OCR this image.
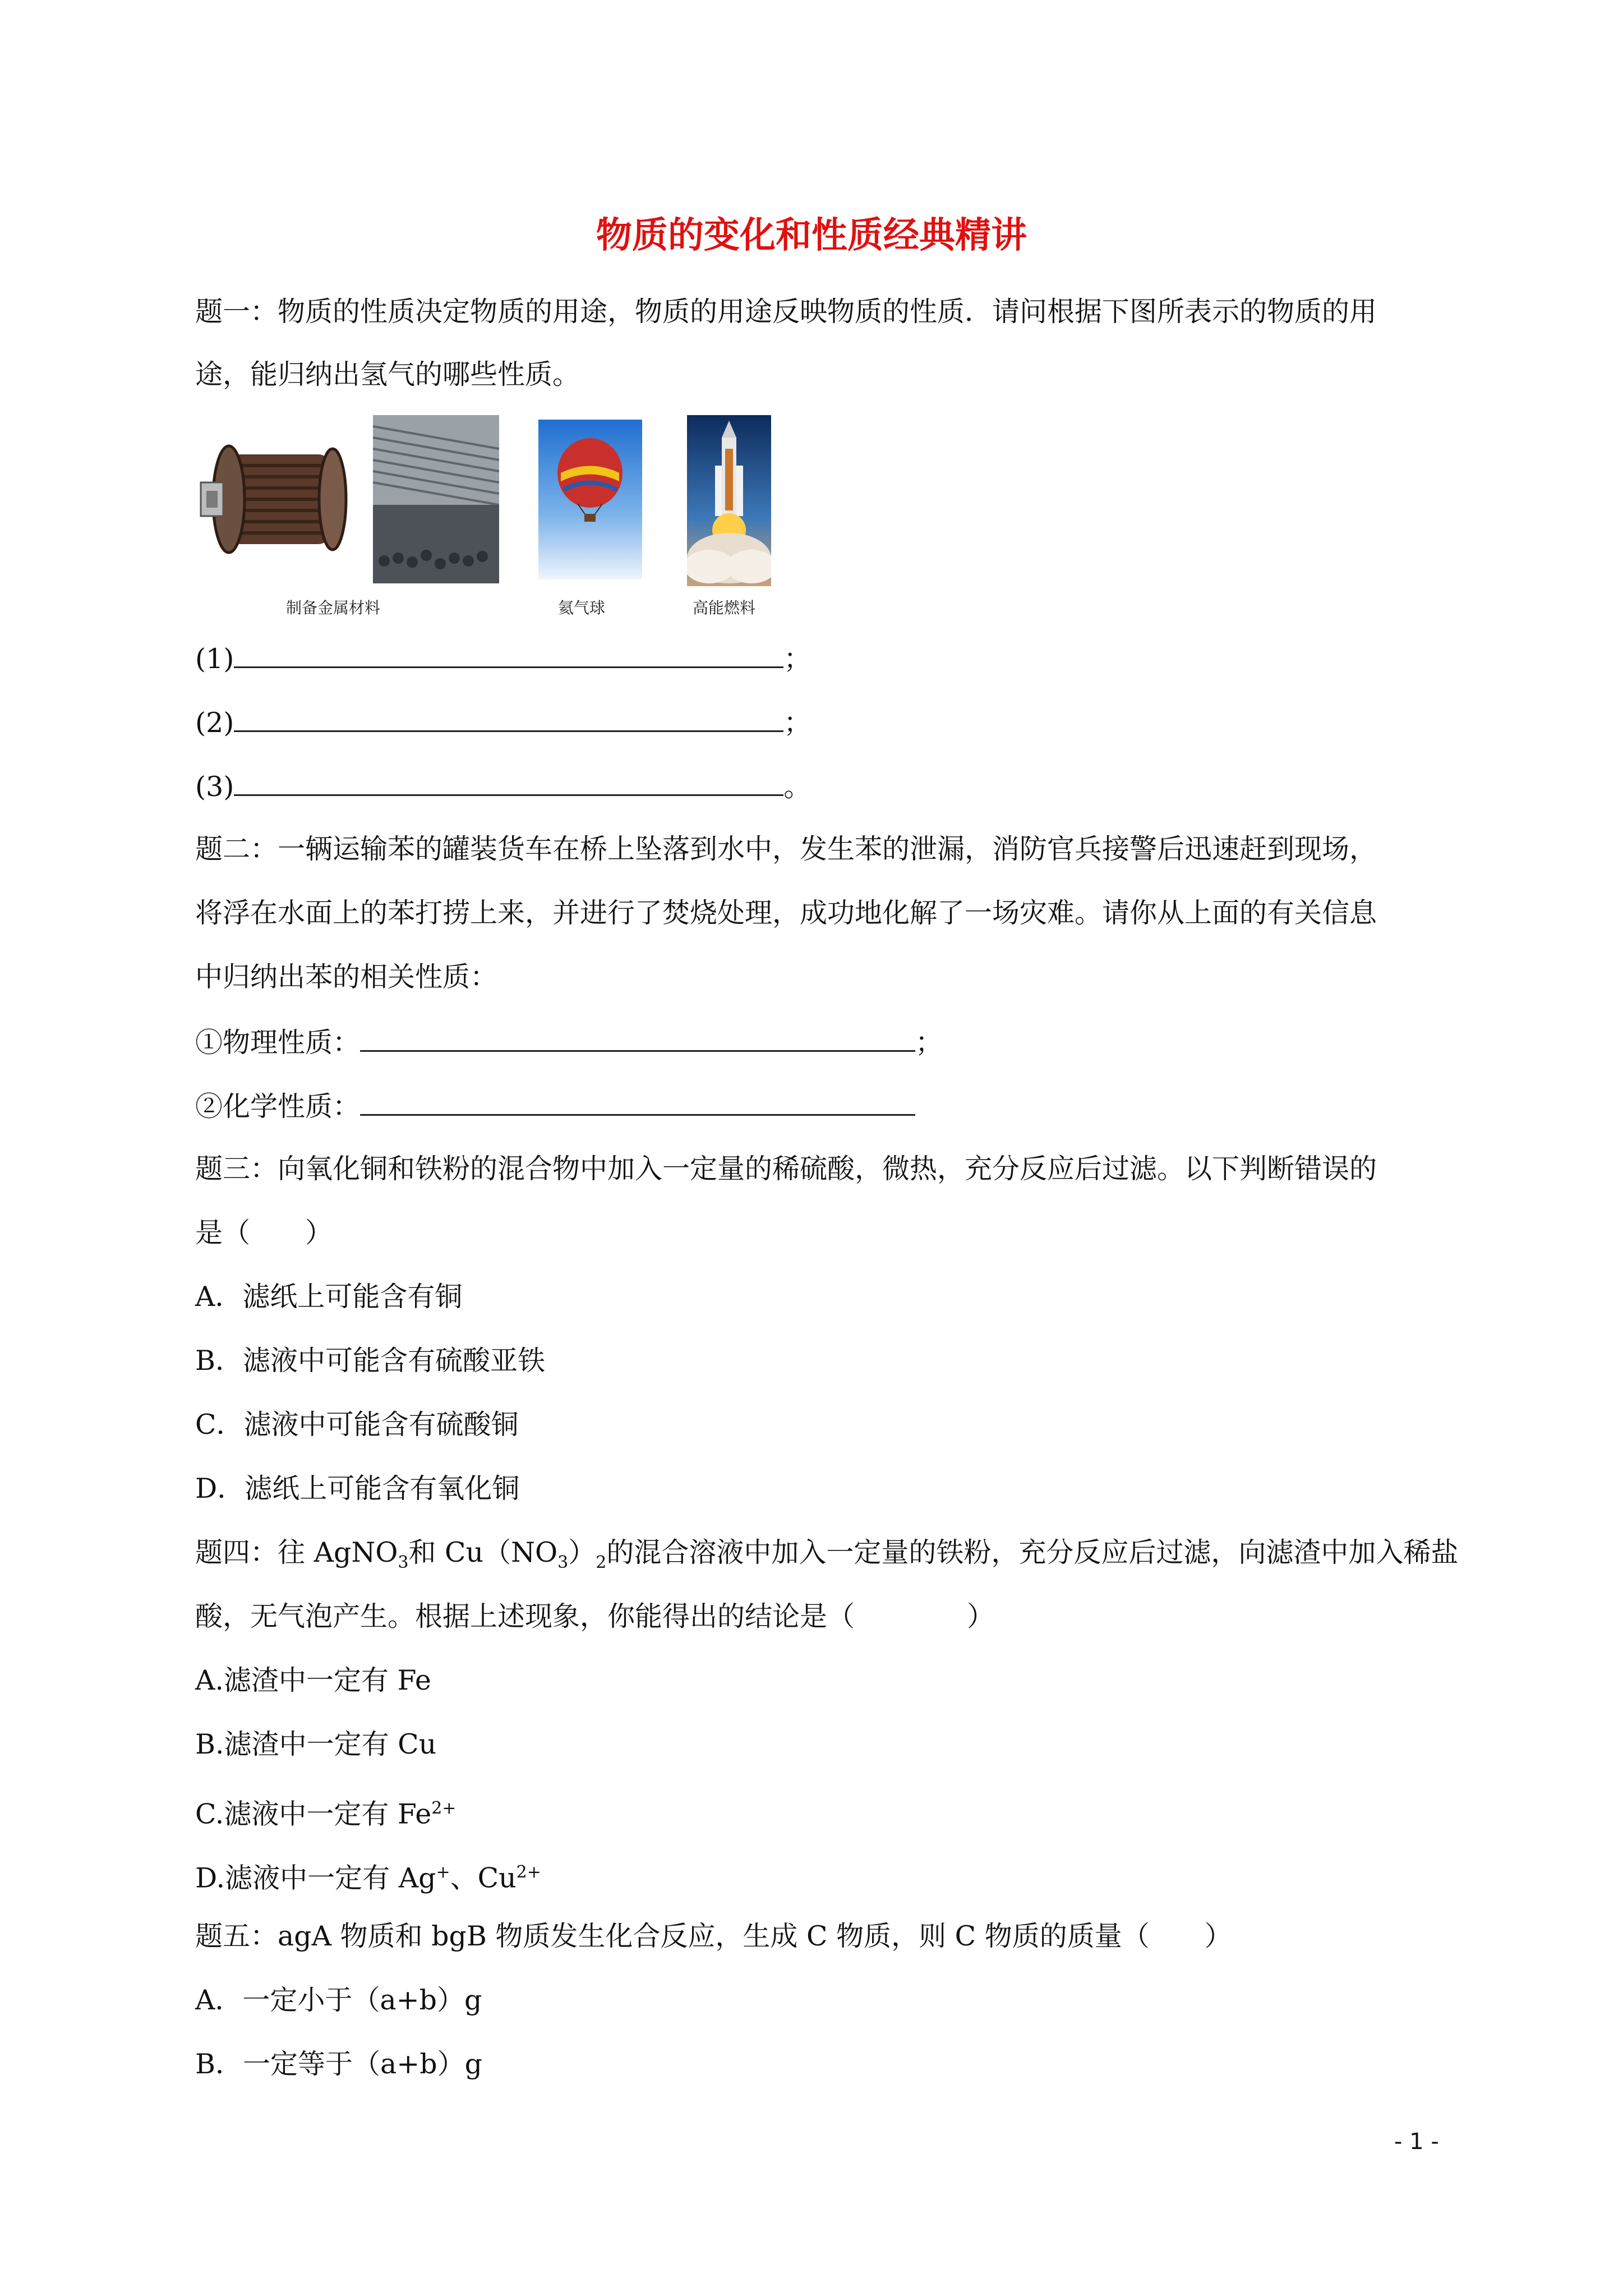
物质的变化和性质经典精讲
题一：物质的性质决定物质的用途，物质的用途反映物质的性质．请问根据下图所表示的物质的用
途，能归纳出氢气的哪些性质。
制备金属材料	氦气球	高能燃料
(1)	；
(2)	；
(3)	。
题二：一辆运输苯的罐装货车在桥上坠落到水中，发生苯的泄漏，消防官兵接警后迅速赶到现场，
将浮在水面上的苯打捞上来，并进行了焚烧处理，成功地化解了一场灾难。请你从上面的有关信息
中归纳出苯的相关性质：
①物理性质：	；
②化学性质：
题三：向氧化铜和铁粉的混合物中加入一定量的稀硫酸，微热，充分反应后过滤。以下判断错误的
是（　　）
A．滤纸上可能含有铜
B．滤液中可能含有硫酸亚铁
C．滤液中可能含有硫酸铜
D．滤纸上可能含有氧化铜
题四：往 AgNO$_3$和 $Cu(NO_3)_2$的混合溶液中加入一定量的铁粉，充分反应后过滤，向滤渣中加入稀盐
酸，无气泡产生。根据上述现象，你能得出的结论是（	）
A.滤渣中一定有 Fe
B.滤渣中一定有 Cu
C.滤液中一定有 $Fe^{2+}$
D.滤液中一定有 Ag+、$Cu^{2+}$
题五：agA 物质和 bgB 物质发生化合反应，生成 C 物质，则 C 物质的质量（　　）
A．一定小于（a+b）g
B．一定等于（a+b）g
- 1 -
